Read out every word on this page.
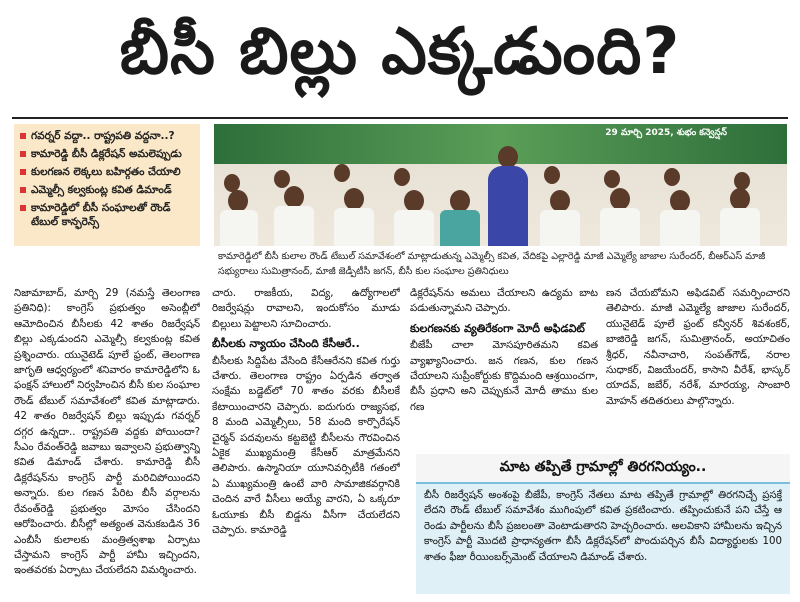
బీసీ బిల్లు ఎక్కడుంది?
గవర్నర్ వద్దా.. రాష్ట్రపతి వద్దనా..?
కామారెడ్డి బీసీ డిక్లరేషన్ అమలెప్పుడు
కులగణన లెక్కలు బహిర్గతం చేయాలి
ఎమ్మెల్సీ కల్వకుంట్ల కవిత డిమాండ్
కామారెడ్డిలో బీసీ సంఘాలతో రౌండ్ టేబుల్ కాన్ఫరెన్స్
29 మార్చి 2025, శుభం కన్వెన్షన్
కామారెడ్డిలో బీసీ కులాల రౌండ్ టేబుల్ సమావేశంలో మాట్లాడుతున్న ఎమ్మెల్సీ కవిత, వేదికపై ఎల్లారెడ్డి మాజీ ఎమ్మెల్యే జాజాల సురేందర్, బీఆర్ఎస్ మాజీ సభ్యురాలు సుమిత్రానంద్, మాజీ జెడ్పీటీసీ జగన్, బీసీ కుల సంఘాల ప్రతినిధులు
నిజామాబాద్, మార్చి 29 (నమస్తే తెలంగాణ ప్రతినిధి): కాంగ్రెస్ ప్రభుత్వం అసెంబ్లీలో ఆమోదించిన బీసీలకు 42 శాతం రిజర్వేషన్ బిల్లు ఎక్కడుందని ఎమ్మెల్సీ కల్వకుంట్ల కవిత ప్రశ్నించారు. యునైటెడ్ పూలే ఫ్రంట్, తెలంగాణ జాగృతి ఆధ్వర్యంలో శనివారం కామారెడ్డిలోని ఓ ఫంక్షన్ హాలులో నిర్వహించిన బీసీ కుల సంఘాల రౌండ్ టేబుల్ సమావేశంలో కవిత మాట్లాడారు. 42 శాతం రిజర్వేషన్ బిల్లు ఇప్పుడు గవర్నర్ దగ్గర ఉన్నదా.. రాష్ట్రపతి వద్దకు పోయిందా? సీఎం రేవంత్‌రెడ్డి జవాబు ఇవ్వాలని ప్రభుత్వాన్ని కవిత డిమాండ్ చేశారు. కామారెడ్డి బీసీ డిక్లరేషన్‌ను కాంగ్రెస్ పార్టీ మరిచిపోయిందని అన్నారు. కుల గణన పేరిట బీసీ వర్గాలను రేవంత్‌రెడ్డి ప్రభుత్వం మోసం చేసిందని ఆరోపించారు. బీసీల్లో అత్యంత వెనుకబడిన 36 ఎంబీసీ కులాలకు మంత్రిత్వశాఖ ఏర్పాటు చేస్తామని కాంగ్రెస్ పార్టీ హామీ ఇచ్చిందని, ఇంతవరకు ఏర్పాటు చేయలేదని విమర్శించారు.
చారు. రాజకీయ, విద్య, ఉద్యోగాలలో రిజర్వేషన్లు రావాలని, ఇందుకోసం మూడు బిల్లులు పెట్టాలని సూచించారు.
బీసీలకు న్యాయం చేసింది కేసీఆరే..
బీసీలకు సిద్దిపేట వేసింది కేసీఆరేనని కవిత గుర్తు చేశారు. తెలంగాణ రాష్ట్రం ఏర్పడిన తర్వాత సంక్షేమ బడ్జెట్‌లో 70 శాతం వరకు బీసీలకే కేటాయించారని చెప్పారు. ఐదుగురు రాజ్యసభ, 8 మంది ఎమ్మెల్సీలు, 58 మంది కార్పొరేషన్ చైర్మన్ పదవులను కట్టబెట్టి బీసీలను గౌరవించిన ఏకైక ముఖ్యమంత్రి కేసీఆర్ మాత్రమేనని తెలిపారు. ఉస్మానియా యూనివర్సిటీకి గతంలో ఏ ముఖ్యమంత్రి ఉంటే వారి సామాజికవర్గానికి చెందిన వారే వీసీలు అయ్యే వారని, ఏ ఒక్కరూ ఓయూకు బీసీ బిడ్డను వీసీగా చేయలేదని చెప్పారు. కామారెడ్డి
డిక్లరేషన్‌ను అమలు చేయాలని ఉద్యమ బాట పడుతున్నామని చెప్పారు.
కులగణనకు వ్యతిరేకంగా మోదీ అఫిడవిట్
బీజేపీ చాలా మోసపూరితమని కవిత వ్యాఖ్యానించారు. జన గణన, కుల గణన చేయాలని సుప్రీంకోర్టుకు కొద్దిమంది ఆశ్రయించగా, బీసీ ప్రధాని అని చెప్పుకునే మోదీ తాము కుల గణ
ణన చేయబోమని అఫిడవిట్ సమర్పించారని తెలిపారు. మాజీ ఎమ్మెల్యే జాజాల సురేందర్, యునైటెడ్ పూలే ఫ్రంట్ కన్వీనర్ శివశంకర్, బాజిరెడ్డి జగన్, సుమిత్రానంద్, అయాచితం శ్రీధర్, నవీనాచారి, సంపత్‌గౌడ్, నరాల సుధాకర్, విజయేందర్, కాసాని వీరేశ్, భాస్కర్ యాదవ్, జబేర్, నరేశ్, మారయ్య, సాంబారి మోహన్ తదితరులు పాల్గొన్నారు.
మాట తప్పితే గ్రామాల్లో తిరగనియ్యం..
బీసీ రిజర్వేషన్ అంశంపై బీజేపీ, కాంగ్రెస్ నేతలు మాట తప్పితే గ్రామాల్లో తిరగనిచ్చే ప్రసక్తే లేదని రౌండ్ టేబుల్ సమావేశం ముగింపులో కవిత ప్రకటించారు. తప్పించుకునే పని చేస్తే ఆ రెండు పార్టీలను బీసీ ప్రజలంతా వెంటాడుతారని హెచ్చరించారు. అలవికాని హామీలను ఇచ్చిన కాంగ్రెస్ పార్టీ మొదటి ప్రాధాన్యతగా బీసీ డిక్లరేషన్‌లో పొందుపర్చిన బీసీ విద్యార్థులకు 100 శాతం ఫీజు రీయింబర్స్‌మెంట్ చేయాలని డిమాండ్ చేశారు.
